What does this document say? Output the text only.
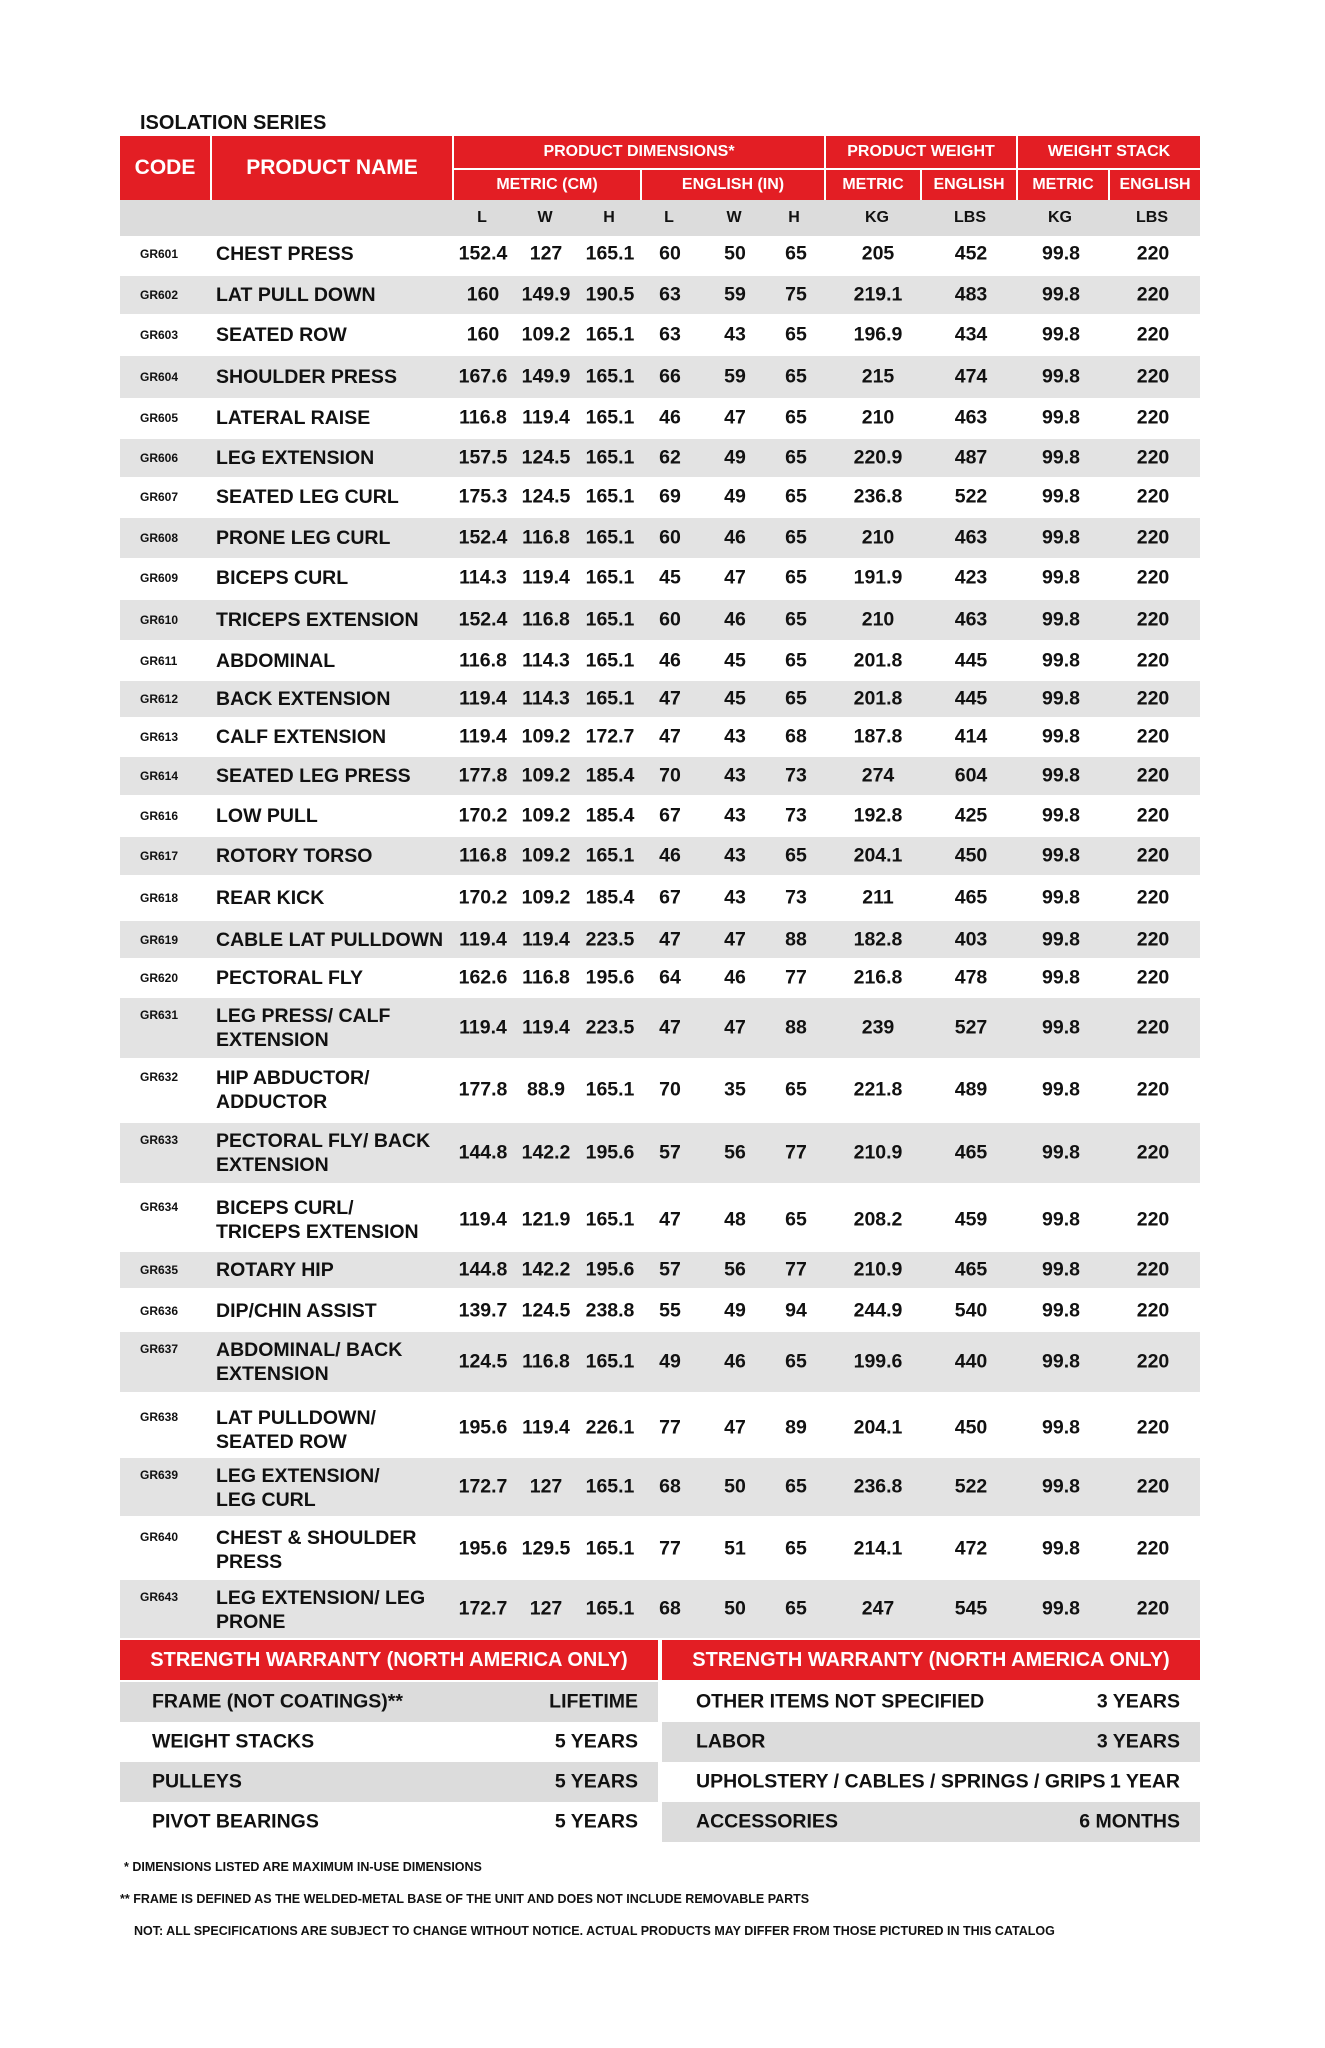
ISOLATION SERIES
CODE	PRODUCT NAME
PRODUCT DIMENSIONS*
METRIC (CM)	ENGLISH (IN)
PRODUCT WEIGHT
METRIC	ENGLISH
WEIGHT STACK
METRIC	ENGLISH
L	W	H	L	W	H	KG	LBS	KG	LBS
GR601 CHEST PRESS	152.4 127 165.1 60 50 65	205	452	99.8	220
GR602 LAT PULL DOWN	160 149.9 190.5 63 59 75 219.1	483	99.8	220
GR603 SEATED ROW	160 109.2 165.1 63 43 65 196.9	434	99.8	220
GR604 SHOULDER PRESS	167.6 149.9 165.1 66 59 65	215	474	99.8	220
GR605 LATERAL RAISE	116.8 119.4 165.1 46 47 65	210	463	99.8	220
GR606 LEG EXTENSION	157.5 124.5 165.1 62 49 65 220.9	487	99.8	220
GR607 SEATED LEG CURL	175.3 124.5 165.1 69 49 65 236.8	522	99.8	220
GR608 PRONE LEG CURL	152.4 116.8 165.1 60 46 65	210	463	99.8	220
GR609 BICEPS CURL	114.3 119.4 165.1 45 47 65 191.9	423	99.8	220
GR610 TRICEPS EXTENSION 152.4 116.8 165.1 60 46 65	210	463	99.8	220
GR611 ABDOMINAL	116.8 114.3 165.1 46 45 65 201.8	445	99.8	220
GR612 BACK EXTENSION	119.4 114.3 165.1 47 45 65 201.8	445	99.8	220
GR613 CALF EXTENSION	119.4 109.2 172.7 47 43 68 187.8	414	99.8	220
GR614 SEATED LEG PRESS 177.8 109.2 185.4 70 43 73	274	604	99.8	220
GR616 LOW PULL	170.2 109.2 185.4 67 43 73 192.8	425	99.8	220
GR617 ROTORY TORSO	116.8 109.2 165.1 46 43 65 204.1	450	99.8	220
GR618 REAR KICK	170.2 109.2 185.4 67 43 73	211	465	99.8	220
GR619 CABLE LAT PULLDOWN 119.4 119.4 223.5 47 47 88 182.8	403	99.8	220
GR620 PECTORAL FLY	162.6 116.8 195.6 64 46 77 216.8	478	99.8	220
GR631 LEG PRESS/ CALF
EXTENSION
119.4 119.4 223.5 47 47 88	239	527	99.8	220
GR632 HIP ABDUCTOR/
ADDUCTOR
177.8 88.9 165.1 70 35 65 221.8	489	99.8	220
GR633 PECTORAL FLY/ BACK
EXTENSION
144.8 142.2 195.6 57 56 77 210.9	465	99.8	220
GR634 BICEPS CURL/
TRICEPS EXTENSION
119.4 121.9 165.1 47 48 65 208.2	459	99.8	220
GR635 ROTARY HIP	144.8 142.2 195.6 57 56 77 210.9	465	99.8	220
GR636 DIP/CHIN ASSIST	139.7 124.5 238.8 55 49 94 244.9	540	99.8	220
GR637 ABDOMINAL/ BACK
EXTENSION
124.5 116.8 165.1 49 46 65 199.6	440	99.8	220
GR638 LAT PULLDOWN/
SEATED ROW
195.6 119.4 226.1 77 47 89 204.1	450	99.8	220
GR639 LEG EXTENSION/
LEG CURL
172.7 127 165.1 68 50 65 236.8	522	99.8	220
GR640 CHEST & SHOULDER
PRESS
195.6 129.5 165.1 77 51 65 214.1	472	99.8	220
GR643 LEG EXTENSION/ LEG
PRONE
172.7 127 165.1 68 50 65	247	545	99.8	220
STRENGTH WARRANTY (NORTH AMERICA ONLY)	STRENGTH WARRANTY (NORTH AMERICA ONLY)
FRAME (NOT COATINGS)**	LIFETIME
WEIGHT STACKS	5 YEARS
PULLEYS	5 YEARS
PIVOT BEARINGS	5 YEARS
OTHER ITEMS NOT SPECIFIED	3 YEARS
LABOR	3 YEARS
UPHOLSTERY / CABLES / SPRINGS / GRIPS 1 YEAR
ACCESSORIES	6 MONTHS
* DIMENSIONS LISTED ARE MAXIMUM IN-USE DIMENSIONS
** FRAME IS DEFINED AS THE WELDED-METAL BASE OF THE UNIT AND DOES NOT INCLUDE REMOVABLE PARTS
NOT: ALL SPECIFICATIONS ARE SUBJECT TO CHANGE WITHOUT NOTICE. ACTUAL PRODUCTS MAY DIFFER FROM THOSE PICTURED IN THIS CATALOG
